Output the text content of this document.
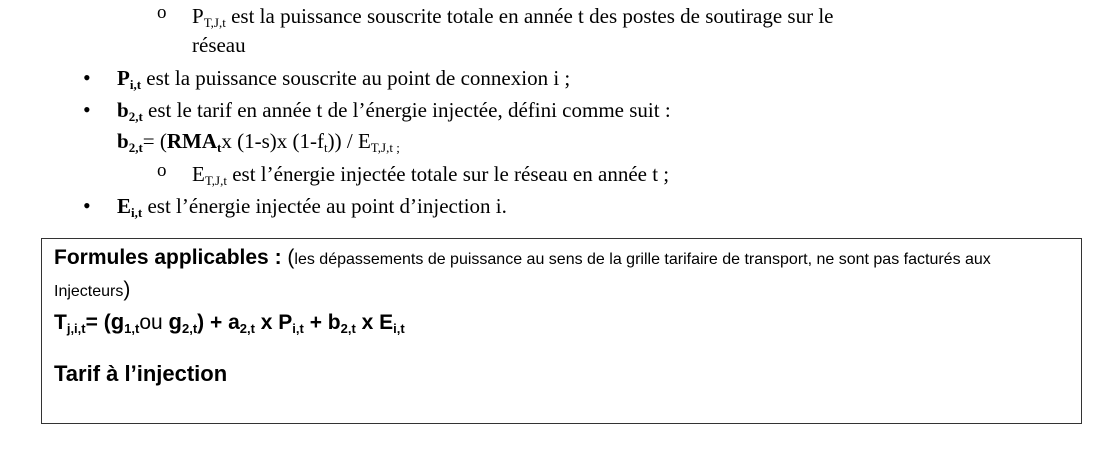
o $P_{T,J,t}$ est la puissance souscrite totale en année t des postes de soutirage sur le
réseau
• $P_{i,t}$ est la puissance souscrite au point de connexion i ;
• $b_{2,t}$ est le tarif en année t de l’énergie injectée, défini comme suit :
$b_{2,t}= (RMA_tx$ (1-s)x $(1-f_t)) / ET,J,t$ ;
o $E_{T,J,t}$ est l’énergie injectée totale sur le réseau en année t ;
• $E_{i,t}$ est l’énergie injectée au point d’injection i.
Formules applicables : (les dépassements de puissance au sens de la grille tarifaire de transport, ne sont pas facturés aux Injecteurs)
$T_{j,i,t}= (g_{1,t}ou$ $g_{2,t}) + a_{2,t}$ x $P_{i,t} + b_{2,t}$ x $E_{i,t}$
Tarif à l’injection
